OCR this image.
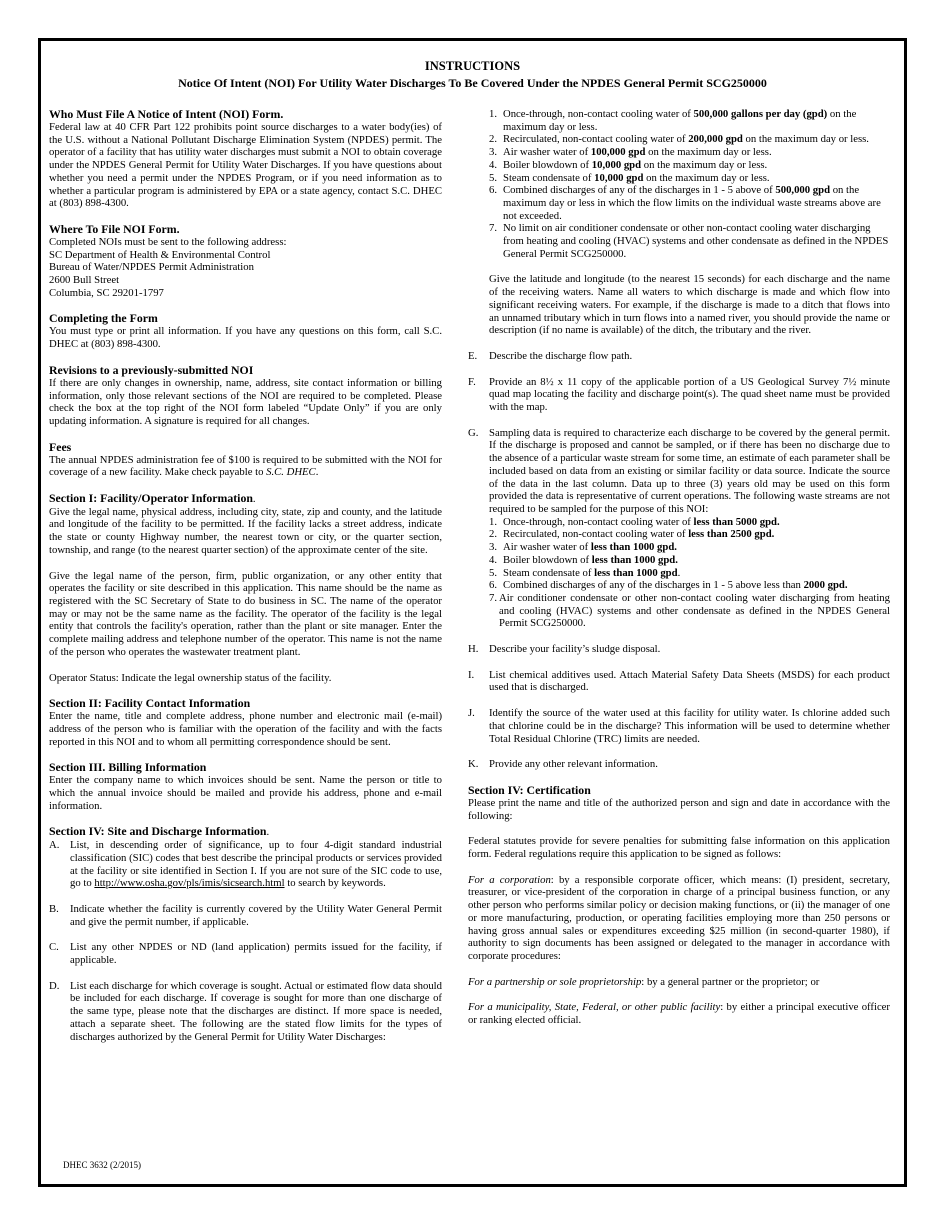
INSTRUCTIONS
Notice Of Intent (NOI) For Utility Water Discharges To Be Covered Under the NPDES General Permit SCG250000
Who Must File A Notice of Intent (NOI) Form.

Federal law at 40 CFR Part 122 prohibits point source discharges to a water body(ies) of the U.S. without a National Pollutant Discharge Elimination System (NPDES) permit. The operator of a facility that has utility water discharges must submit a NOI to obtain coverage under the NPDES General Permit for Utility Water Discharges. If you have questions about whether you need a permit under the NPDES Program, or if you need information as to whether a particular program is administered by EPA or a state agency, contact S.C. DHEC at (803) 898-4300.

Where To File NOI Form.
Completed NOIs must be sent to the following address:
SC Department of Health & Environmental Control
Bureau of Water/NPDES Permit Administration
2600 Bull Street
Columbia, SC 29201-1797
Completing the Form

You must type or print all information. If you have any questions on this form, call S.C. DHEC at (803) 898-4300.

Revisions to a previously-submitted NOI

If there are only changes in ownership, name, address, site contact information or billing information, only those relevant sections of the NOI are required to be completed. Please check the box at the top right of the NOI form labeled “Update Only” if you are only updating information. A signature is required for all changes.

Fees

The annual NPDES administration fee of $100 is required to be submitted with the NOI for coverage of a new facility. Make check payable to S.C. DHEC.

Section I: Facility/Operator Information.

Give the legal name, physical address, including city, state, zip and county, and the latitude and longitude of the facility to be permitted. If the facility lacks a street address, indicate the state or county Highway number, the nearest town or city, or the quarter section, township, and range (to the nearest quarter section) of the approximate center of the site.

Give the legal name of the person, firm, public organization, or any other entity that operates the facility or site described in this application. This name should be the name as registered with the SC Secretary of State to do business in SC. The name of the operator may or may not be the same name as the facility. The operator of the facility is the legal entity that controls the facility's operation, rather than the plant or site manager. Enter the complete mailing address and telephone number of the operator. This name is not the name of the person who operates the wastewater treatment plant.

Operator Status: Indicate the legal ownership status of the facility.

Section II: Facility Contact Information

Enter the name, title and complete address, phone number and electronic mail (e-mail) address of the person who is familiar with the operation of the facility and with the facts reported in this NOI and to whom all permitting correspondence should be sent.

Section III. Billing Information

Enter the company name to which invoices should be sent. Name the person or title to which the annual invoice should be mailed and provide his address, phone and e-mail information.

Section IV: Site and Discharge Information.
A. List, in descending order of significance, up to four 4-digit standard industrial classification (SIC) codes that best describe the principal products or services provided at the facility or site identified in Section I. If you are not sure of the SIC code to use, go to http://www.osha.gov/pls/imis/sicsearch.html to search by keywords.
B.	Indicate whether the facility is currently covered by the Utility Water General Permit and give the permit number, if applicable.
C.	List any other NPDES or ND (land application) permits issued for the facility, if applicable.
D. List each discharge for which coverage is sought. Actual or estimated flow data should be included for each discharge. If coverage is sought for more than one discharge of the same type, please note that the discharges are distinct. If more space is needed, attach a separate sheet. The following are the stated flow limits for the types of discharges authorized by the General Permit for Utility Water Discharges:
1. Once-through, non-contact cooling water of 500,000 gallons per day (gpd) on the maximum day or less.
2. Recirculated, non-contact cooling water of 200,000 gpd on the maximum day or less.
3. Air washer water of 100,000 gpd on the maximum day or less.
4. Boiler blowdown of 10,000 gpd on the maximum day or less.
5. Steam condensate of 10,000 gpd on the maximum day or less.
6. Combined discharges of any of the discharges in 1 - 5 above of 500,000 gpd on the maximum day or less in which the flow limits on the individual waste streams above are not exceeded.
7. No limit on air conditioner condensate or other non-contact cooling water discharging from heating and cooling (HVAC) systems and other condensate as defined in the NPDES General Permit SCG250000.

Give the latitude and longitude (to the nearest 15 seconds) for each discharge and the name of the receiving waters. Name all waters to which discharge is made and which flow into significant receiving waters. For example, if the discharge is made to a ditch that flows into an unnamed tributary which in turn flows into a named river, you should provide the name or description (if no name is available) of the ditch, the tributary and the river.

E.	Describe the discharge flow path.
F.	Provide an 8½ x 11 copy of the applicable portion of a US Geological Survey 7½ minute quad map locating the facility and discharge point(s). The quad sheet name must be provided with the map.
G. Sampling data is required to characterize each discharge to be covered by the general permit. If the discharge is proposed and cannot be sampled, or if there has been no discharge due to the absence of a particular waste stream for some time, an estimate of each parameter shall be included based on data from an existing or similar facility or data source. Indicate the source of the data in the last column. Data up to three (3) years old may be used on this form provided the data is representative of current operations. The following waste streams are not required to be sampled for the purpose of this NOI:
1. Once-through, non-contact cooling water of less than 5000 gpd.
2. Recirculated, non-contact cooling water of less than 2500 gpd.
3. Air washer water of less than 1000 gpd.
4. Boiler blowdown of less than 1000 gpd.
5. Steam condensate of less than 1000 gpd.
6. Combined discharges of any of the discharges in 1 - 5 above less than 2000 gpd.
7. Air conditioner condensate or other non-contact cooling water discharging from heating and cooling (HVAC) systems and other condensate as defined in the NPDES General Permit SCG250000.
H. Describe your facility’s sludge disposal.
I.	List chemical additives used. Attach Material Safety Data Sheets (MSDS) for each product used that is discharged.
J.	Identify the source of the water used at this facility for utility water. Is chlorine added such that chlorine could be in the discharge? This information will be used to determine whether Total Residual Chlorine (TRC) limits are needed.
K. Provide any other relevant information.
Section IV: Certification

Please print the name and title of the authorized person and sign and date in accordance with the following:

Federal statutes provide for severe penalties for submitting false information on this application form. Federal regulations require this application to be signed as follows:

For a corporation: by a responsible corporate officer, which means: (I) president, secretary, treasurer, or vice-president of the corporation in charge of a principal business function, or any other person who performs similar policy or decision making functions, or (ii) the manager of one or more manufacturing, production, or operating facilities employing more than 250 persons or having gross annual sales or expenditures exceeding $25 million (in second-quarter 1980), if authority to sign documents has been assigned or delegated to the manager in accordance with corporate procedures:

For a partnership or sole proprietorship: by a general partner or the proprietor; or

For a municipality, State, Federal, or other public facility: by either a principal executive officer or ranking elected official.

DHEC 3632 (2/2015)
